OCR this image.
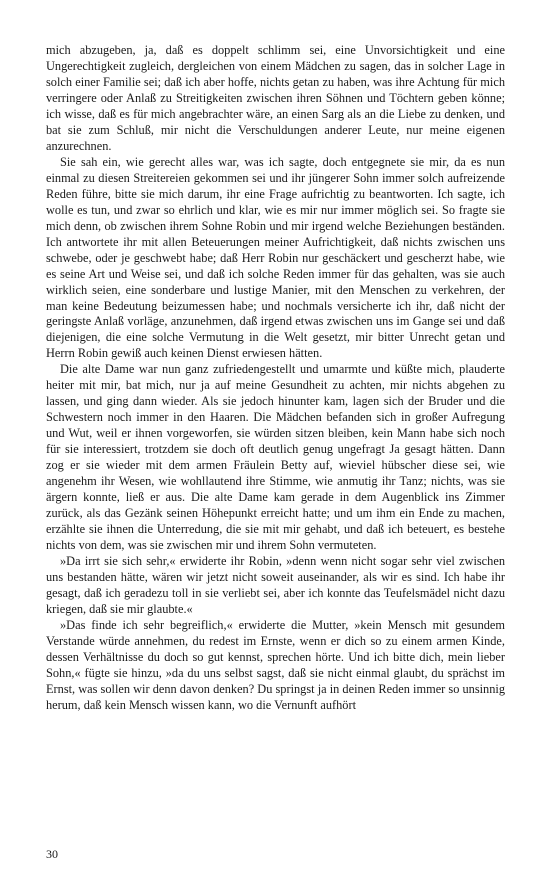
mich abzugeben, ja, daß es doppelt schlimm sei, eine Unvorsichtigkeit und eine Ungerechtigkeit zugleich, dergleichen von einem Mädchen zu sagen, das in solcher Lage in solch einer Familie sei; daß ich aber hoffe, nichts getan zu haben, was ihre Achtung für mich verringere oder Anlaß zu Streitigkeiten zwischen ihren Söhnen und Töchtern geben könne; ich wisse, daß es für mich angebrachter wäre, an einen Sarg als an die Liebe zu denken, und bat sie zum Schluß, mir nicht die Verschuldungen anderer Leute, nur meine eigenen anzurechnen.

Sie sah ein, wie gerecht alles war, was ich sagte, doch entgegnete sie mir, da es nun einmal zu diesen Streitereien gekommen sei und ihr jüngerer Sohn immer solch aufreizende Reden führe, bitte sie mich darum, ihr eine Frage aufrichtig zu beantworten. Ich sagte, ich wolle es tun, und zwar so ehrlich und klar, wie es mir nur immer möglich sei. So fragte sie mich denn, ob zwischen ihrem Sohne Robin und mir irgend welche Beziehungen beständen. Ich antwortete ihr mit allen Beteuerungen meiner Aufrichtigkeit, daß nichts zwischen uns schwebe, oder je geschwebt habe; daß Herr Robin nur geschäckert und gescherzt habe, wie es seine Art und Weise sei, und daß ich solche Reden immer für das gehalten, was sie auch wirklich seien, eine sonderbare und lustige Manier, mit den Menschen zu verkehren, der man keine Bedeutung beizumessen habe; und nochmals versicherte ich ihr, daß nicht der geringste Anlaß vorläge, anzunehmen, daß irgend etwas zwischen uns im Gange sei und daß diejenigen, die eine solche Vermutung in die Welt gesetzt, mir bitter Unrecht getan und Herrn Robin gewiß auch keinen Dienst erwiesen hätten.

Die alte Dame war nun ganz zufriedengestellt und umarmte und küßte mich, plauderte heiter mit mir, bat mich, nur ja auf meine Gesundheit zu achten, mir nichts abgehen zu lassen, und ging dann wieder. Als sie jedoch hinunter kam, lagen sich der Bruder und die Schwestern noch immer in den Haaren. Die Mädchen befanden sich in großer Aufregung und Wut, weil er ihnen vorgeworfen, sie würden sitzen bleiben, kein Mann habe sich noch für sie interessiert, trotzdem sie doch oft deutlich genug ungefragt Ja gesagt hätten. Dann zog er sie wieder mit dem armen Fräulein Betty auf, wieviel hübscher diese sei, wie angenehm ihr Wesen, wie wohllautend ihre Stimme, wie anmutig ihr Tanz; nichts, was sie ärgern konnte, ließ er aus. Die alte Dame kam gerade in dem Augenblick ins Zimmer zurück, als das Gezänk seinen Höhepunkt erreicht hatte; und um ihm ein Ende zu machen, erzählte sie ihnen die Unterredung, die sie mit mir gehabt, und daß ich beteuert, es bestehe nichts von dem, was sie zwischen mir und ihrem Sohn vermuteten.

»Da irrt sie sich sehr,« erwiderte ihr Robin, »denn wenn nicht sogar sehr viel zwischen uns bestanden hätte, wären wir jetzt nicht soweit auseinander, als wir es sind. Ich habe ihr gesagt, daß ich geradezu toll in sie verliebt sei, aber ich konnte das Teufelsmädel nicht dazu kriegen, daß sie mir glaubte.«

»Das finde ich sehr begreiflich,« erwiderte die Mutter, »kein Mensch mit gesundem Verstande würde annehmen, du redest im Ernste, wenn er dich so zu einem armen Kinde, dessen Verhältnisse du doch so gut kennst, sprechen hörte. Und ich bitte dich, mein lieber Sohn,« fügte sie hinzu, »da du uns selbst sagst, daß sie nicht einmal glaubt, du sprächst im Ernst, was sollen wir denn davon denken? Du springst ja in deinen Reden immer so unsinnig herum, daß kein Mensch wissen kann, wo die Vernunft aufhört

30
